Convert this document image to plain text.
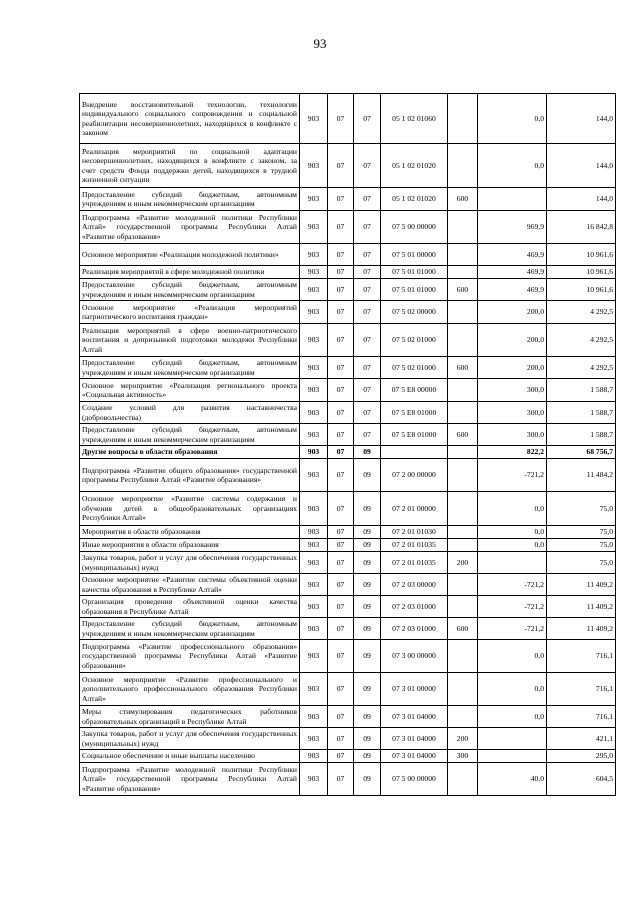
93
Внедрение восстановительной технологии, технологии индивидуального социального сопровождения и социальной реабилитации несовершеннолетних, находящихся в конфликте с законом	903	07	07	05 1 02 01060		0,0	144,0
Реализация мероприятий по социальной адаптации несовершеннолетних, находящихся в конфликте с законом, за счет средств Фонда поддержки детей, находящихся в трудной жизненной ситуации	903	07	07	05 1 02 01020		0,0	144,0
Предоставление субсидий бюджетным, автономным учреждениям и иным некоммерческим организациям	903	07	07	05 1 02 01020	600		144,0
Подпрограмма «Развитие молодежной политики Республики Алтай» государственной программы Республики Алтай «Развитие образования»	903	07	07	07 5 00 00000		969,9	16 842,8
Основное мероприятие «Реализация молодежной политики»	903	07	07	07 5 01 00000		469,9	10 961,6
Реализация мероприятий в сфере молодежной политики	903	07	07	07 5 01 01000		469,9	10 961,6
Предоставление субсидий бюджетным, автономным учреждениям и иным некоммерческим организациям	903	07	07	07 5 01 01000	600	469,9	10 961,6
Основное мероприятие «Реализация мероприятий патриотического воспитания граждан»	903	07	07	07 5 02 00000		200,0	4 292,5
Реализация мероприятий в сфере военно-патриотического воспитания и допризывной подготовки молодежи Республики Алтай	903	07	07	07 5 02 01000		200,0	4 292,5
Предоставление субсидий бюджетным, автономным учреждениям и иным некоммерческим организациям	903	07	07	07 5 02 01000	600	200,0	4 292,5
Основное мероприятие «Реализация регионального проекта «Социальная активность»	903	07	07	07 5 E8 00000		300,0	1 588,7
Создание условий для развития наставничества (добровольчества)	903	07	07	07 5 E8 01000		300,0	1 588,7
Предоставление субсидий бюджетным, автономным учреждениям и иным некоммерческим организациям	903	07	07	07 5 E8 01000	600	300,0	1 588,7
Другие вопросы в области образования	903	07	09			822,2	68 756,7
Подпрограмма «Развитие общего образования» государственной программы Республики Алтай «Развитие образования»	903	07	09	07 2 00 00000		-721,2	11 484,2
Основное мероприятие «Развитие системы содержания и обучения детей в общеобразовательных организациях Республики Алтай»	903	07	09	07 2 01 00000		0,0	75,0
Мероприятия в области образования	903	07	09	07 2 01 01030		0,0	75,0
Иные мероприятия в области образования	903	07	09	07 2 01 01035		0,0	75,0
Закупка товаров, работ и услуг для обеспечения государственных (муниципальных) нужд	903	07	09	07 2 01 01035	200		75,0
Основное мероприятие «Развитие системы объективной оценки качества образования в Республике Алтай»	903	07	09	07 2 03 00000		-721,2	11 409,2
Организация проведения объективной оценки качества образования в Республике Алтай	903	07	09	07 2 03 01000		-721,2	11 409,2
Предоставление субсидий бюджетным, автономным учреждениям и иным некоммерческим организациям	903	07	09	07 2 03 01000	600	-721,2	11 409,2
Подпрограмма «Развитие профессионального образования» государственной программы Республики Алтай «Развитие образования»	903	07	09	07 3 00 00000		0,0	716,1
Основное мероприятие «Развитие профессионального и дополнительного профессионального образования Республики Алтай»	903	07	09	07 3 01 00000		0,0	716,1
Меры стимулирования педагогических работников образовательных организаций в Республике Алтай	903	07	09	07 3 01 04000		0,0	716,1
Закупка товаров, работ и услуг для обеспечения государственных (муниципальных) нужд	903	07	09	07 3 01 04000	200		421,1
Социальное обеспечение и иные выплаты населению	903	07	09	07 3 01 04000	300		295,0
Подпрограмма «Развитие молодежной политики Республики Алтай» государственной программы Республики Алтай «Развитие образования»	903	07	09	07 5 00 00000		40,0	604,5
